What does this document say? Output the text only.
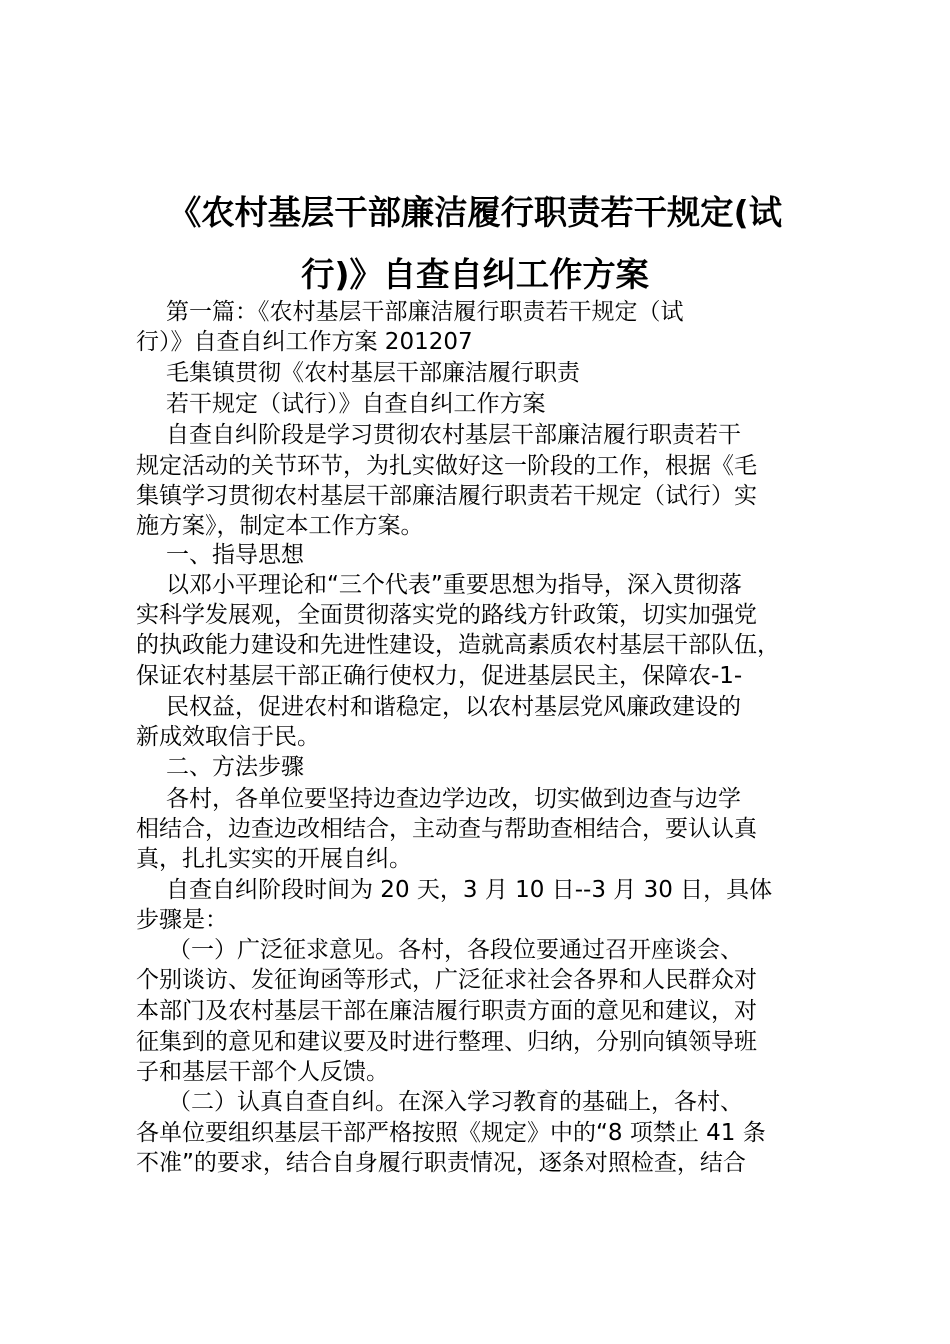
《农村基层干部廉洁履行职责若干规定(试
行)》自查自纠工作方案
第一篇：《农村基层干部廉洁履行职责若干规定（试
行）》自查自纠工作方案 201207
毛集镇贯彻《农村基层干部廉洁履行职责
若干规定（试行）》自查自纠工作方案
自查自纠阶段是学习贯彻农村基层干部廉洁履行职责若干
规定活动的关节环节，为扎实做好这一阶段的工作，根据《毛
集镇学习贯彻农村基层干部廉洁履行职责若干规定（试行）实
施方案》，制定本工作方案。
一、指导思想
以邓小平理论和“三个代表”重要思想为指导，深入贯彻落
实科学发展观，全面贯彻落实党的路线方针政策，切实加强党
的执政能力建设和先进性建设，造就高素质农村基层干部队伍，
保证农村基层干部正确行使权力，促进基层民主，保障农-1-
民权益，促进农村和谐稳定，以农村基层党风廉政建设的
新成效取信于民。
二、方法步骤
各村，各单位要坚持边查边学边改，切实做到边查与边学
相结合，边查边改相结合，主动查与帮助查相结合，要认认真
真，扎扎实实的开展自纠。
自查自纠阶段时间为 20 天，3 月 10 日--3 月 30 日，具体
步骤是：
（一）广泛征求意见。各村，各段位要通过召开座谈会、
个别谈访、发征询函等形式，广泛征求社会各界和人民群众对
本部门及农村基层干部在廉洁履行职责方面的意见和建议，对
征集到的意见和建议要及时进行整理、归纳，分别向镇领导班
子和基层干部个人反馈。
（二）认真自查自纠。在深入学习教育的基础上，各村、
各单位要组织基层干部严格按照《规定》中的“8 项禁止 41 条
不准”的要求，结合自身履行职责情况，逐条对照检查，结合
